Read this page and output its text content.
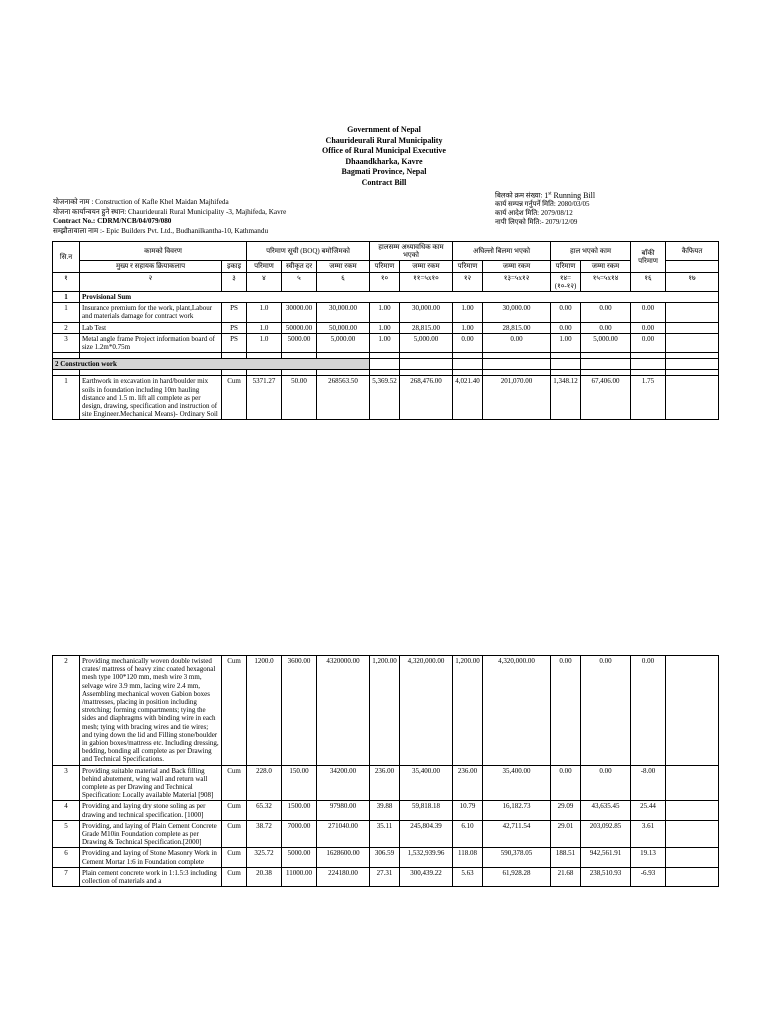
Government of Nepal
Chaurideurali Rural Municipality
Office of Rural Municipal Executive
Dhaandkharka, Kavre
Bagmati Province, Nepal
Contract Bill
योजनाको नाम : Construction of Kafle Khel Maidan Majhifeda
योजना कार्यान्वयन हुने स्थान: Chaurideurali Rural Municipality -3, Majhifeda, Kavre
Contract No.: CDRM/NCB/04/079/080
सम्झौतावाला नाम :- Epic Builders Pvt. Ltd., Budhanilkantha-10, Kathmandu
बिलको क्रम संख्या: 1st Running Bill
कार्य सम्पन्न गर्नुपर्ने मिति: 2080/03/05
कार्य आदेश मिति: 2079/08/12
नापी लिएको मिति:- 2079/12/09
सि.न	कामको विवरण		परिमाण सूची (BOQ) बमोजिमको			हालसम्म अध्यावधिक काम भएको		अघिल्लो बिलमा भएको		हाल भएको काम		बाँकी परिमाण	कैफियत
	मुख्य र सहायक क्रियाकलाप	इकाइ	परिमाण	स्वीकृत दर	जम्मा रकम	परिमाण	जम्मा रकम	परिमाण	जम्मा रकम	परिमाण	जम्मा रकम		
१	२	३	४	५	६	१०	११=५x१०	१२	१३=५x१२	१४=(१०-१२)	१५=५x१४	१६	१७
1	Provisional Sum												
1	Insurance premium for the work, plant,Labour and materials damage for contract work	PS	1.0	30000.00	30,000.00	1.00	30,000.00	1.00	30,000.00	0.00	0.00	0.00	
2	Lab Test	PS	1.0	50000.00	50,000.00	1.00	28,815.00	1.00	28,815.00	0.00	0.00	0.00	
3	Metal angle frame Project information board of size 1.2m*0.75m	PS	1.0	5000.00	5,000.00	1.00	5,000.00	0.00	0.00	1.00	5,000.00	0.00	

2 Construction work													

1	Earthwork in excavation in hard/boulder mix soils in foundation including 10m hauling distance and 1.5 m. lift all complete as per design, drawing, specification and instruction of site Engineer.Mechanical Means)- Ordinary Soil	Cum	5371.27	50.00	268563.50	5,369.52	268,476.00	4,021.40	201,070.00	1,348.12	67,406.00	1.75	
2	Providing mechanically woven double twisted crates/ mattress of heavy zinc coated hexagonal mesh type 100*120 mm, mesh wire 3 mm, selvage wire 3.9 mm, lacing wire 2.4 mm, Assembling mechanical woven Gabion boxes /mattresses, placing in position including stretching; forming compartments; tying the sides and diaphragms with binding wire in each mesh; tying with bracing wires and tie wires; and tying down the lid and Filling stone/boulder in gabion boxes/mattress etc. Including dressing, bedding, bonding all complete as per Drawing and Technical Specifications.	Cum	1200.0	3600.00	4320000.00	1,200.00	4,320,000.00	1,200.00	4,320,000.00	0.00	0.00	0.00	
3	Providing suitable material and Back filling behind abutement, wing wall and return wall complete as per Drawing and Technical Specification: Locally available Material [908]	Cum	228.0	150.00	34200.00	236.00	35,400.00	236.00	35,400.00	0.00	0.00	-8.00	
4	Providing and laying dry stone soling as per drawing and technical specification. [1000]	Cum	65.32	1500.00	97980.00	39.88	59,818.18	10.79	16,182.73	29.09	43,635.45	25.44	
5	Providing, and laying of Plain Cement Concrete Grade M10in Foundation complete as per Drawing & Technical Specification.[2000]	Cum	38.72	7000.00	271040.00	35.11	245,804.39	6.10	42,711.54	29.01	203,092.85	3.61	
6	Providing and laying of Stone Masonry Work in Cement Mortar 1:6 in Foundation complete	Cum	325.72	5000.00	1628600.00	306.59	1,532,939.96	118.08	590,378.05	188.51	942,561.91	19.13	
7	Plain cement concrete work in 1:1.5:3 including collection of materials and a	Cum	20.38	11000.00	224180.00	27.31	300,439.22	5.63	61,928.28	21.68	238,510.93	-6.93	
